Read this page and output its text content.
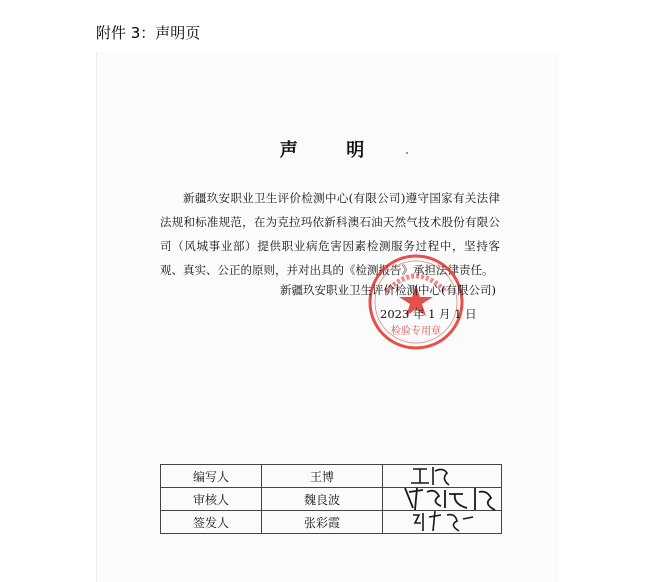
附件 3：声明页
声 明
新疆玖安职业卫生评价检测中心(有限公司)遵守国家有关法律法规和标准规范，在为克拉玛依新科澳石油天然气技术股份有限公司（风城事业部）提供职业病危害因素检测服务过程中，坚持客观、真实、公正的原则，并对出具的《检测报告》承担法律责任。
检验专用章
新疆玖安职业卫生评价检测中心(有限公司)
2023 年 1 月 1 日
编写人	王博	

审核人	魏良波	

签发人	张彩霞	
